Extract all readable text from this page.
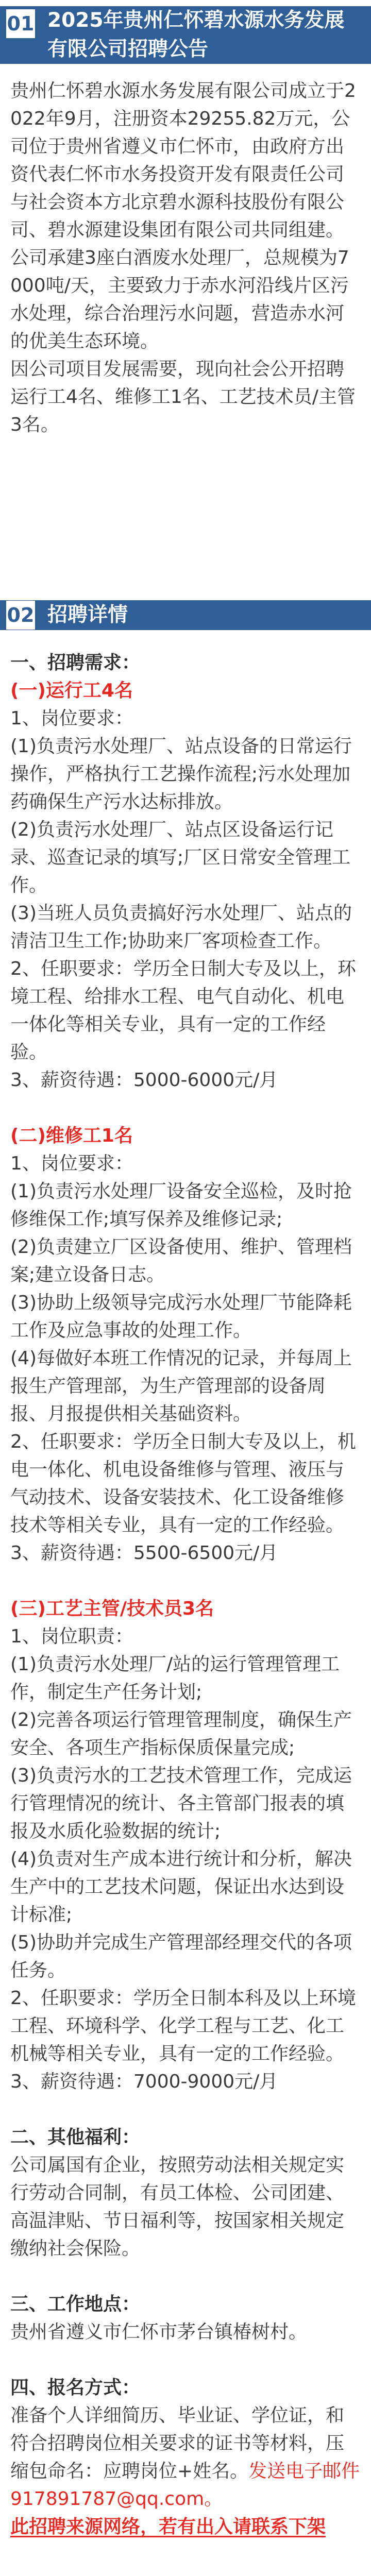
01 2025年贵州仁怀碧水源水务发展有限公司招聘公告

贵州仁怀碧水源水务发展有限公司成立于2022年9月，注册资本29255.82万元，公司位于贵州省遵义市仁怀市，由政府方出资代表仁怀市水务投资开发有限责任公司与社会资本方北京碧水源科技股份有限公司、碧水源建设集团有限公司共同组建。公司承建3座白酒废水处理厂，总规模为7000吨/天，主要致力于赤水河沿线片区污水处理，综合治理污水问题，营造赤水河的优美生态环境。

因公司项目发展需要，现向社会公开招聘运行工4名、维修工1名、工艺技术员/主管3名。

02 招聘详情

一、招聘需求：

(一)运行工4名

1、岗位要求：

(1)负责污水处理厂、站点设备的日常运行操作，严格执行工艺操作流程;污水处理加药确保生产污水达标排放。

(2)负责污水处理厂、站点区设备运行记录、巡查记录的填写;厂区日常安全管理工作。

(3)当班人员负责搞好污水处理厂、站点的清洁卫生工作;协助来厂客项检查工作。

2、任职要求：学历全日制大专及以上，环境工程、给排水工程、电气自动化、机电一体化等相关专业，具有一定的工作经验。

3、薪资待遇：5000-6000元/月

(二)维修工1名

1、岗位要求：

(1)负责污水处理厂设备安全巡检，及时抢修维保工作;填写保养及维修记录;

(2)负责建立厂区设备使用、维护、管理档案;建立设备日志。

(3)协助上级领导完成污水处理厂节能降耗工作及应急事故的处理工作。

(4)每做好本班工作情况的记录，并每周上报生产管理部，为生产管理部的设备周报、月报提供相关基础资料。

2、任职要求：学历全日制大专及以上，机电一体化、机电设备维修与管理、液压与气动技术、设备安装技术、化工设备维修技术等相关专业，具有一定的工作经验。

3、薪资待遇：5500-6500元/月

(三)工艺主管/技术员3名

1、岗位职责：

(1)负责污水处理厂/站的运行管理管理工作，制定生产任务计划;

(2)完善各项运行管理管理制度，确保生产安全、各项生产指标保质保量完成;

(3)负责污水的工艺技术管理工作，完成运行管理情况的统计、各主管部门报表的填报及水质化验数据的统计;

(4)负责对生产成本进行统计和分析，解决生产中的工艺技术问题，保证出水达到设计标准;

(5)协助并完成生产管理部经理交代的各项任务。

2、任职要求：学历全日制本科及以上环境工程、环境科学、化学工程与工艺、化工机械等相关专业，具有一定的工作经验。

3、薪资待遇：7000-9000元/月

二、其他福利：

公司属国有企业，按照劳动法相关规定实行劳动合同制，有员工体检、公司团建、高温津贴、节日福利等，按国家相关规定缴纳社会保险。

三、工作地点：

贵州省遵义市仁怀市茅台镇椿树村。

四、报名方式：

准备个人详细简历、毕业证、学位证，和符合招聘岗位相关要求的证书等材料，压缩包命名：应聘岗位+姓名。发送电子邮件917891787@qq.com。

此招聘来源网络，若有出入请联系下架
